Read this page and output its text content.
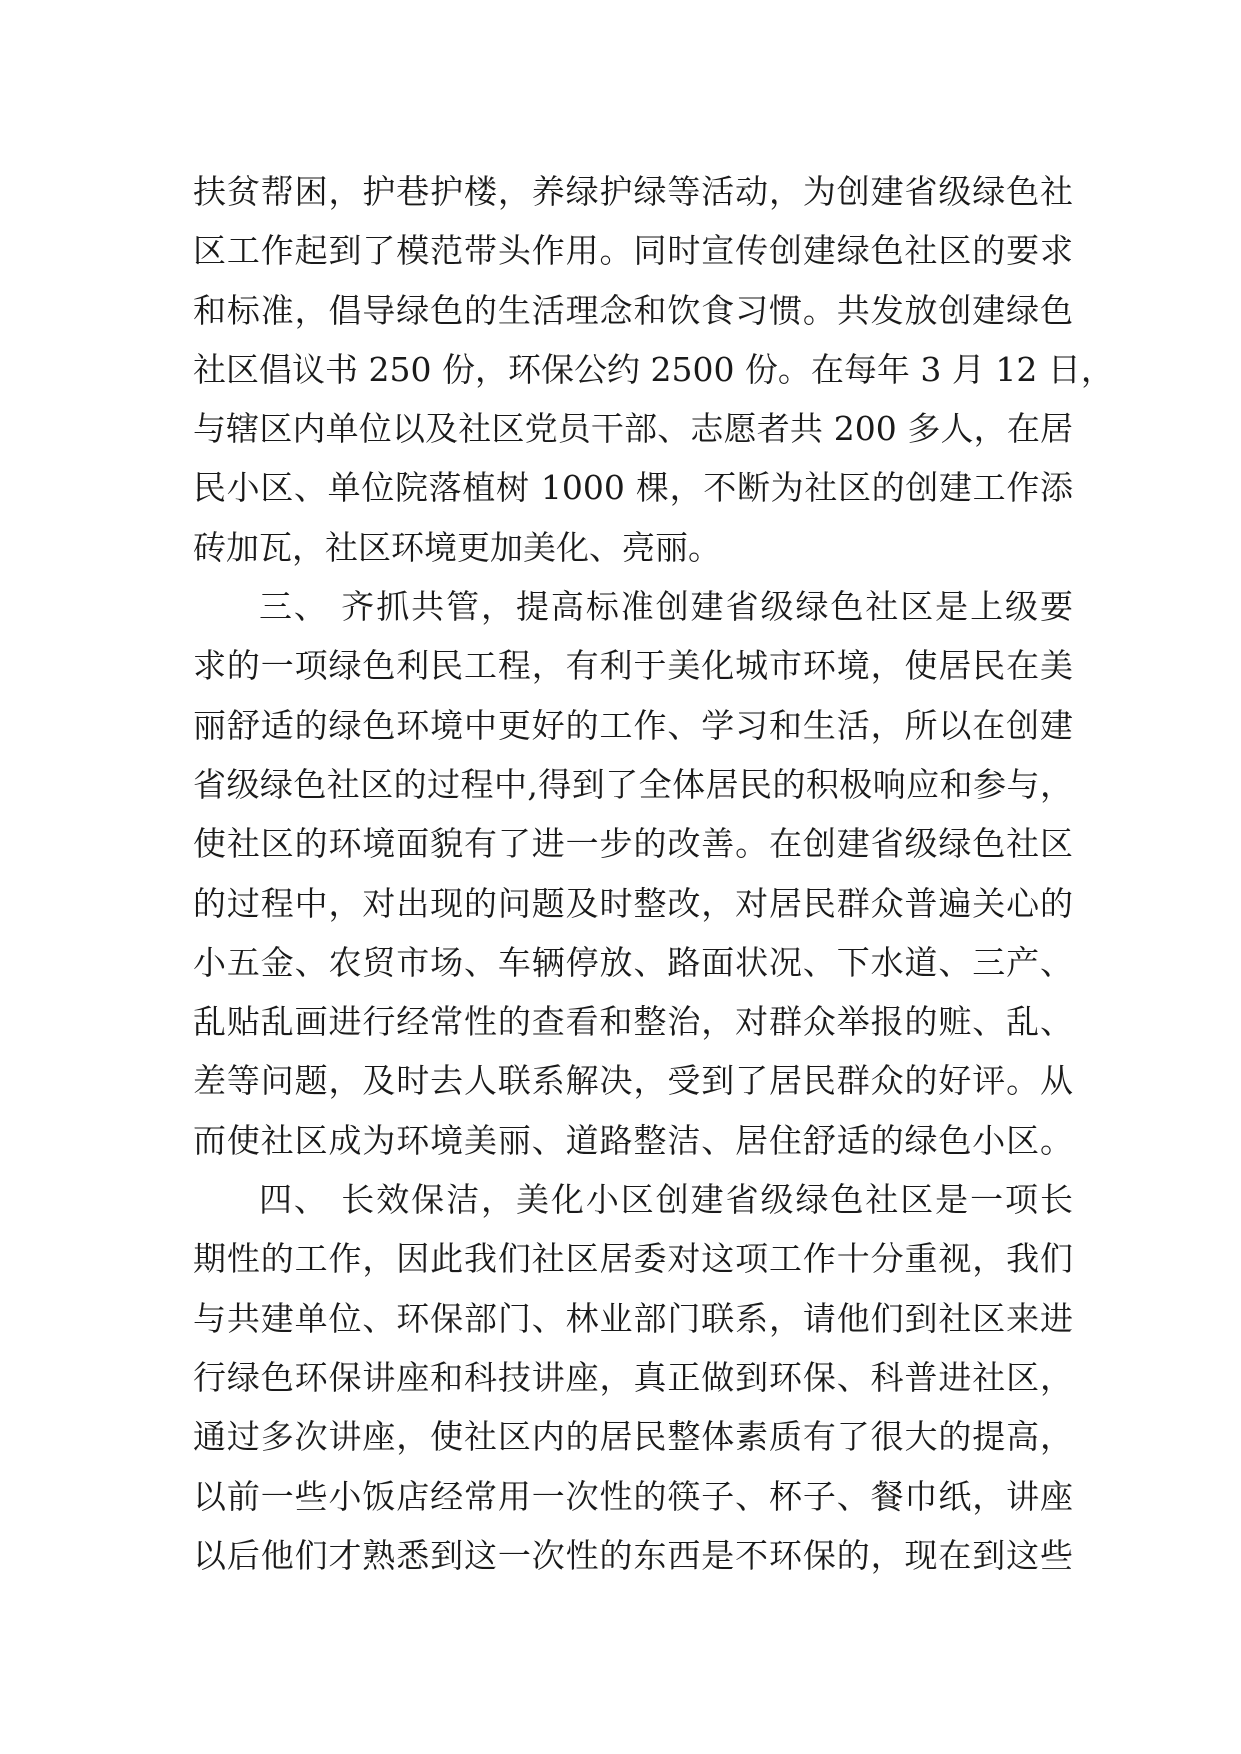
扶贫帮困，护巷护楼，养绿护绿等活动，为创建省级绿色社
区工作起到了模范带头作用。同时宣传创建绿色社区的要求
和标准，倡导绿色的生活理念和饮食习惯。共发放创建绿色
社区倡议书 250 份，环保公约 2500 份。在每年 3 月 12 日，
与辖区内单位以及社区党员干部、志愿者共 200 多人，在居
民小区、单位院落植树 1000 棵，不断为社区的创建工作添
砖加瓦，社区环境更加美化、亮丽。
三、 齐抓共管，提高标准创建省级绿色社区是上级要
求的一项绿色利民工程，有利于美化城市环境，使居民在美
丽舒适的绿色环境中更好的工作、学习和生活，所以在创建
省级绿色社区的过程中,得到了全体居民的积极响应和参与，
使社区的环境面貌有了进一步的改善。在创建省级绿色社区
的过程中，对出现的问题及时整改，对居民群众普遍关心的
小五金、农贸市场、车辆停放、路面状况、下水道、三产、
乱贴乱画进行经常性的查看和整治，对群众举报的赃、乱、
差等问题，及时去人联系解决，受到了居民群众的好评。从
而使社区成为环境美丽、道路整洁、居住舒适的绿色小区。
四、 长效保洁，美化小区创建省级绿色社区是一项长
期性的工作，因此我们社区居委对这项工作十分重视，我们
与共建单位、环保部门、林业部门联系，请他们到社区来进
行绿色环保讲座和科技讲座，真正做到环保、科普进社区，
通过多次讲座，使社区内的居民整体素质有了很大的提高，
以前一些小饭店经常用一次性的筷子、杯子、餐巾纸，讲座
以后他们才熟悉到这一次性的东西是不环保的，现在到这些
